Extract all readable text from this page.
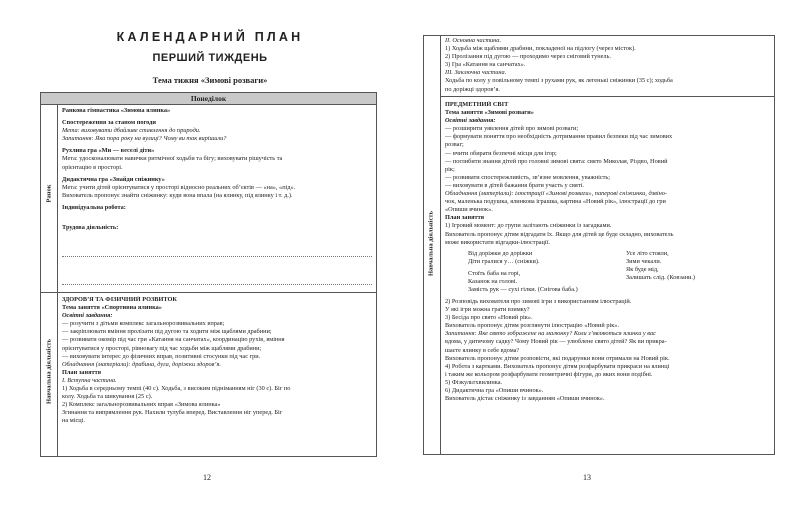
КАЛЕНДАРНИЙ ПЛАН
ПЕРШИЙ ТИЖДЕНЬ
Тема тижня «Зимові розваги»
Понеділок
Ранок
Навчальна діяльність
Ранкова гімнастика «Зимова ялинка»
Спостереження за станом погоди
Мета: виховувати дбайливе ставлення до природи.
Запитання: Яка пора року на вулиці? Чому ви так вирішили?
Рухлива гра «Ми — веселі діти»
Мета: удосконалювати навички ритмічної ходьби та бігу; виховувати рішучість та
орієнтацію в просторі.
Дидактична гра «Знайди сніжинку»
Мета: учити дітей орієнтуватися у просторі відносно реальних об’єктів — «на», «під».
Вихователь пропонує знайти сніжинку: куди вона впала (на ялинку, під ялинку і т. д.).
Індивідуальна робота:
Трудова діяльність:
ЗДОРОВ’Я ТА ФІЗИЧНИЙ РОЗВИТОК
Тема заняття «Спортивна ялинка»
Освітні завдання:
— розучити з дітьми комплекс загальнорозвивальних вправ;
— закріплювати вміння пролізати під дугою та ходити між щаблями драбини;
— розвивати окомір під час гри «Катання на санчатах», координацію рухів, вміння
орієнтуватися у просторі, рівновагу під час ходьби між щаблями драбини;
— виховувати інтерес до фізичних вправ, позитивні стосунки під час гри.
Обладнання (матеріали): драбина, дуга, доріжки здоров’я.
План заняття
І. Вступна частина.
1) Ходьба в середньому темпі (40 с). Ходьба, з високим підніманням ніг (30 с). Біг по
колу. Ходьба та шикування (25 с).
2) Комплекс загальнорозвивальних вправ «Зимова ялинка»
Згинання та випрямлення рук. Нахили тулуба вперед. Виставлення ніг уперед. Біг
на місці.
12
Навчальна діяльність
ІІ. Основна частина.
1) Ходьба між щаблями драбини, покладеної на підлогу (через місток).
2) Пролізання під дугою — проходимо через сніговий тунель.
3) Гра «Катання на санчатах».
ІІІ. Заключна частина.
Ходьба по колу у повільному темпі з рухами рук, як легенькі сніжинки (35 с); ходьба
по доріжці здоров’я.
ПРЕДМЕТНИЙ СВІТ
Тема заняття «Зимові розваги»
Освітні завдання:
— розширити уявлення дітей про зимові розваги;
— формувати поняття про необхідність дотримання правил безпеки під час зимових
розваг;
— вчити обирати безпечні місця для ігор;
— поглибити знання дітей про головні зимові свята: свято Миколая, Різдво, Новий
рік;
— розвивати спостережливість, зв’язне мовлення, уважність;
— виховувати в дітей бажання брати участь у святі.
Обладнання (матеріали): ілюстрації «Зимові розваги», паперові сніжинки, дзвіно-
чок, маленька подушка, ялинкова іграшка, картина «Новий рік», ілюстрації до гри
«Опиши вчинок».
План заняття
1) Ігровий момент: до групи залітають сніжинки із загадками.
Вихователь пропонує дітям відгадати їх. Якщо для дітей це буде складно, вихователь
може використати відгадки-ілюстрації.
Від доріжки до доріжки
Діти гралися у… (сніжки).
Стоїть баба на горі,
Казанок на голові.
Замість рук — сухі гілки. (Снігова баба.)
Усе літо стояли,
Зими чекали.
Як буде мід,
Залишать слід. (Ковзани.)
2) Розповідь вихователя про зимові ігри з використанням ілюстрацій.
У які ігри можна грати взимку?
3) Бесіда про свято «Новий рік».
Вихователь пропонує дітям розглянути ілюстрацію «Новий рік».
Запитання: Яке свято зображене на малюнку? Коли з’являються ялинки у вас
вдома, у дитячому садку? Чому Новий рік — улюблене свято дітей? Як ви прикра-
шаєте ялинку в себе вдома?
Вихователь пропонує дітям розповісти, які подарунки вони отримали на Новий рік.
4) Робота з картками. Вихователь пропонує дітям розфарбувати прикраси на ялинці
і таким же кольором розфарбувати геометричні фігури, до яких вони подібні.
5) Фізкультхвилинка.
6) Дидактична гра «Опиши вчинок».
Вихователь дістає сніжинку із завданням «Опиши вчинок».
13
